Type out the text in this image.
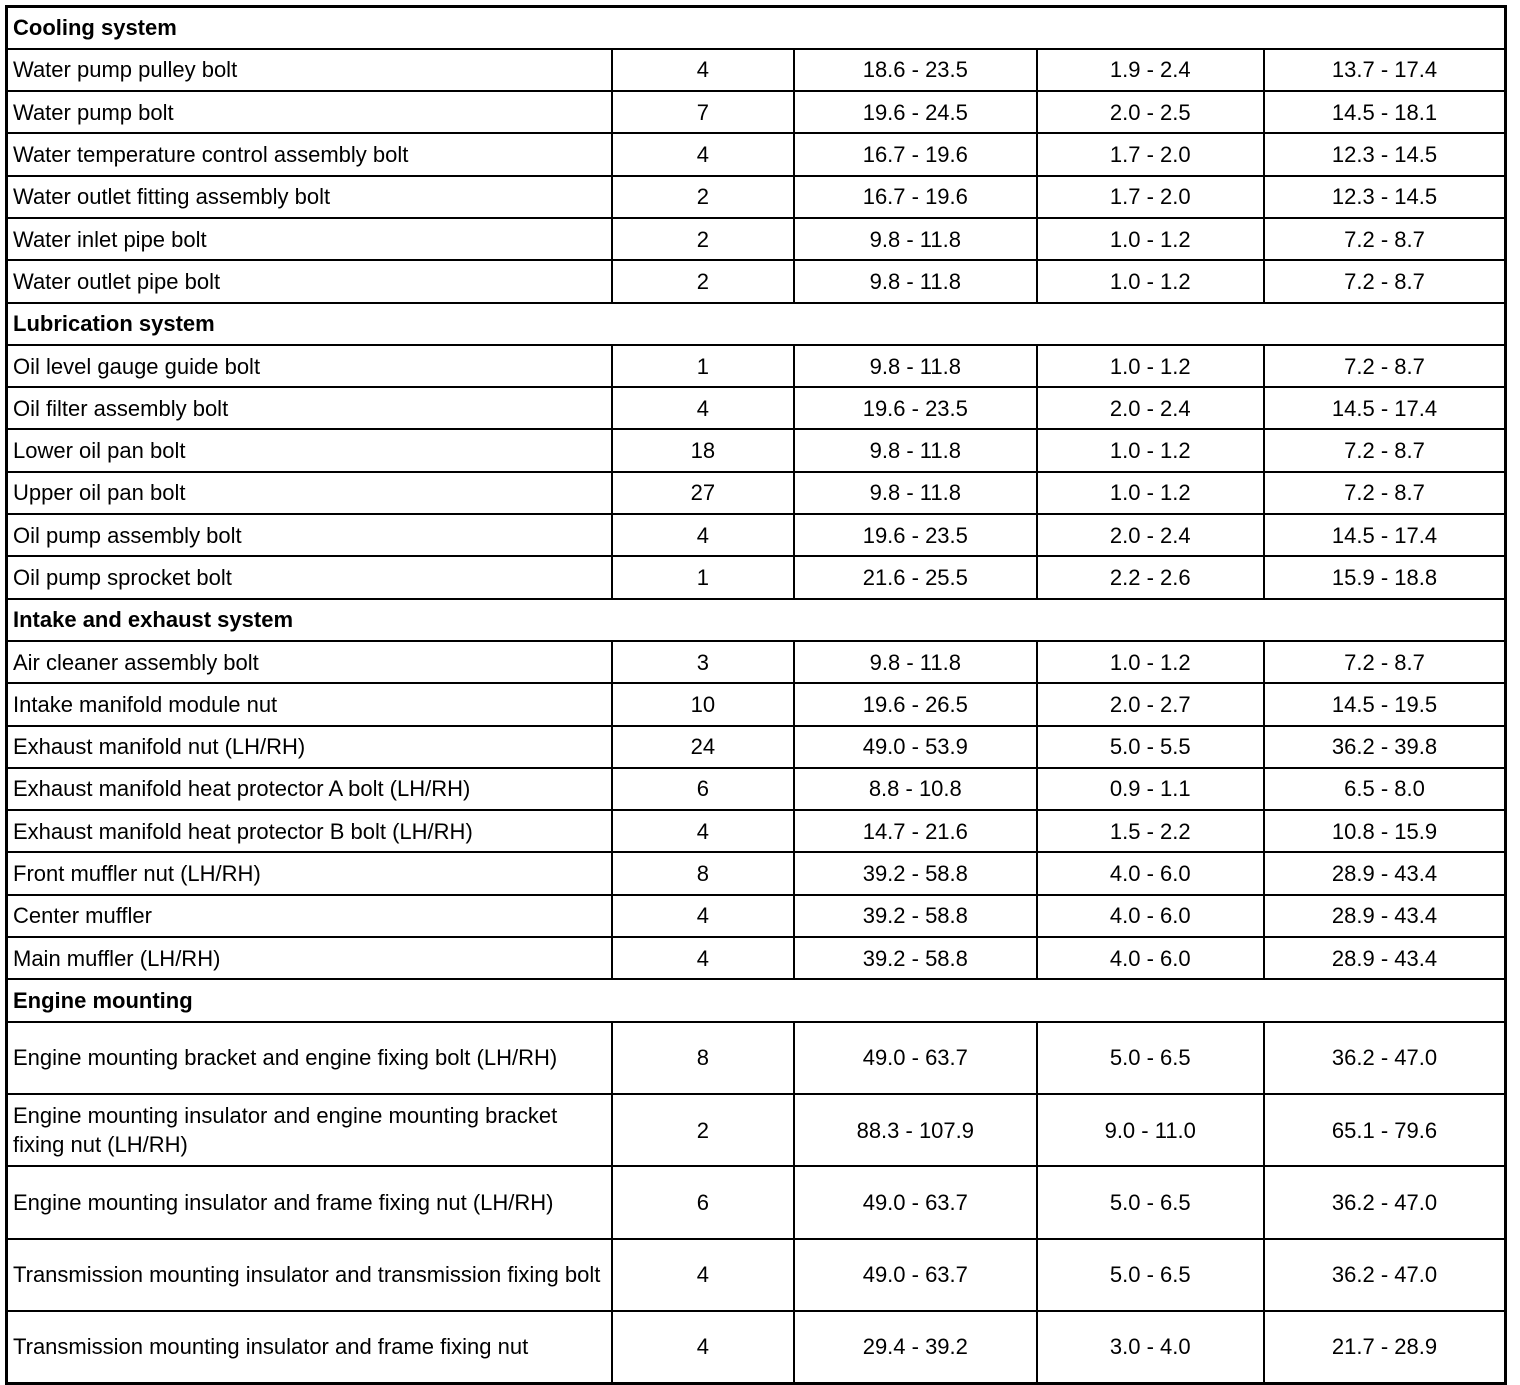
Cooling system				
Water pump pulley bolt	4	18.6 - 23.5	1.9 - 2.4	13.7 - 17.4
Water pump bolt	7	19.6 - 24.5	2.0 - 2.5	14.5 - 18.1
Water temperature control assembly bolt	4	16.7 - 19.6	1.7 - 2.0	12.3 - 14.5
Water outlet fitting assembly bolt	2	16.7 - 19.6	1.7 - 2.0	12.3 - 14.5
Water inlet pipe bolt	2	9.8 - 11.8	1.0 - 1.2	7.2 - 8.7
Water outlet pipe bolt	2	9.8 - 11.8	1.0 - 1.2	7.2 - 8.7
Lubrication system				
Oil level gauge guide bolt	1	9.8 - 11.8	1.0 - 1.2	7.2 - 8.7
Oil filter assembly bolt	4	19.6 - 23.5	2.0 - 2.4	14.5 - 17.4
Lower oil pan bolt	18	9.8 - 11.8	1.0 - 1.2	7.2 - 8.7
Upper oil pan bolt	27	9.8 - 11.8	1.0 - 1.2	7.2 - 8.7
Oil pump assembly bolt	4	19.6 - 23.5	2.0 - 2.4	14.5 - 17.4
Oil pump sprocket bolt	1	21.6 - 25.5	2.2 - 2.6	15.9 - 18.8
Intake and exhaust system				
Air cleaner assembly bolt	3	9.8 - 11.8	1.0 - 1.2	7.2 - 8.7
Intake manifold module nut	10	19.6 - 26.5	2.0 - 2.7	14.5 - 19.5
Exhaust manifold nut (LH/RH)	24	49.0 - 53.9	5.0 - 5.5	36.2 - 39.8
Exhaust manifold heat protector A bolt (LH/RH)	6	8.8 - 10.8	0.9 - 1.1	6.5 - 8.0
Exhaust manifold heat protector B bolt (LH/RH)	4	14.7 - 21.6	1.5 - 2.2	10.8 - 15.9
Front muffler nut (LH/RH)	8	39.2 - 58.8	4.0 - 6.0	28.9 - 43.4
Center muffler	4	39.2 - 58.8	4.0 - 6.0	28.9 - 43.4
Main muffler (LH/RH)	4	39.2 - 58.8	4.0 - 6.0	28.9 - 43.4
Engine mounting				
Engine mounting bracket and engine fixing bolt (LH/RH)	8	49.0 - 63.7	5.0 - 6.5	36.2 - 47.0
Engine mounting insulator and engine mounting bracket fixing nut (LH/RH)	2	88.3 - 107.9	9.0 - 11.0	65.1 - 79.6
Engine mounting insulator and frame fixing nut (LH/RH)	6	49.0 - 63.7	5.0 - 6.5	36.2 - 47.0
Transmission mounting insulator and transmission fixing bolt	4	49.0 - 63.7	5.0 - 6.5	36.2 - 47.0
Transmission mounting insulator and frame fixing nut	4	29.4 - 39.2	3.0 - 4.0	21.7 - 28.9
